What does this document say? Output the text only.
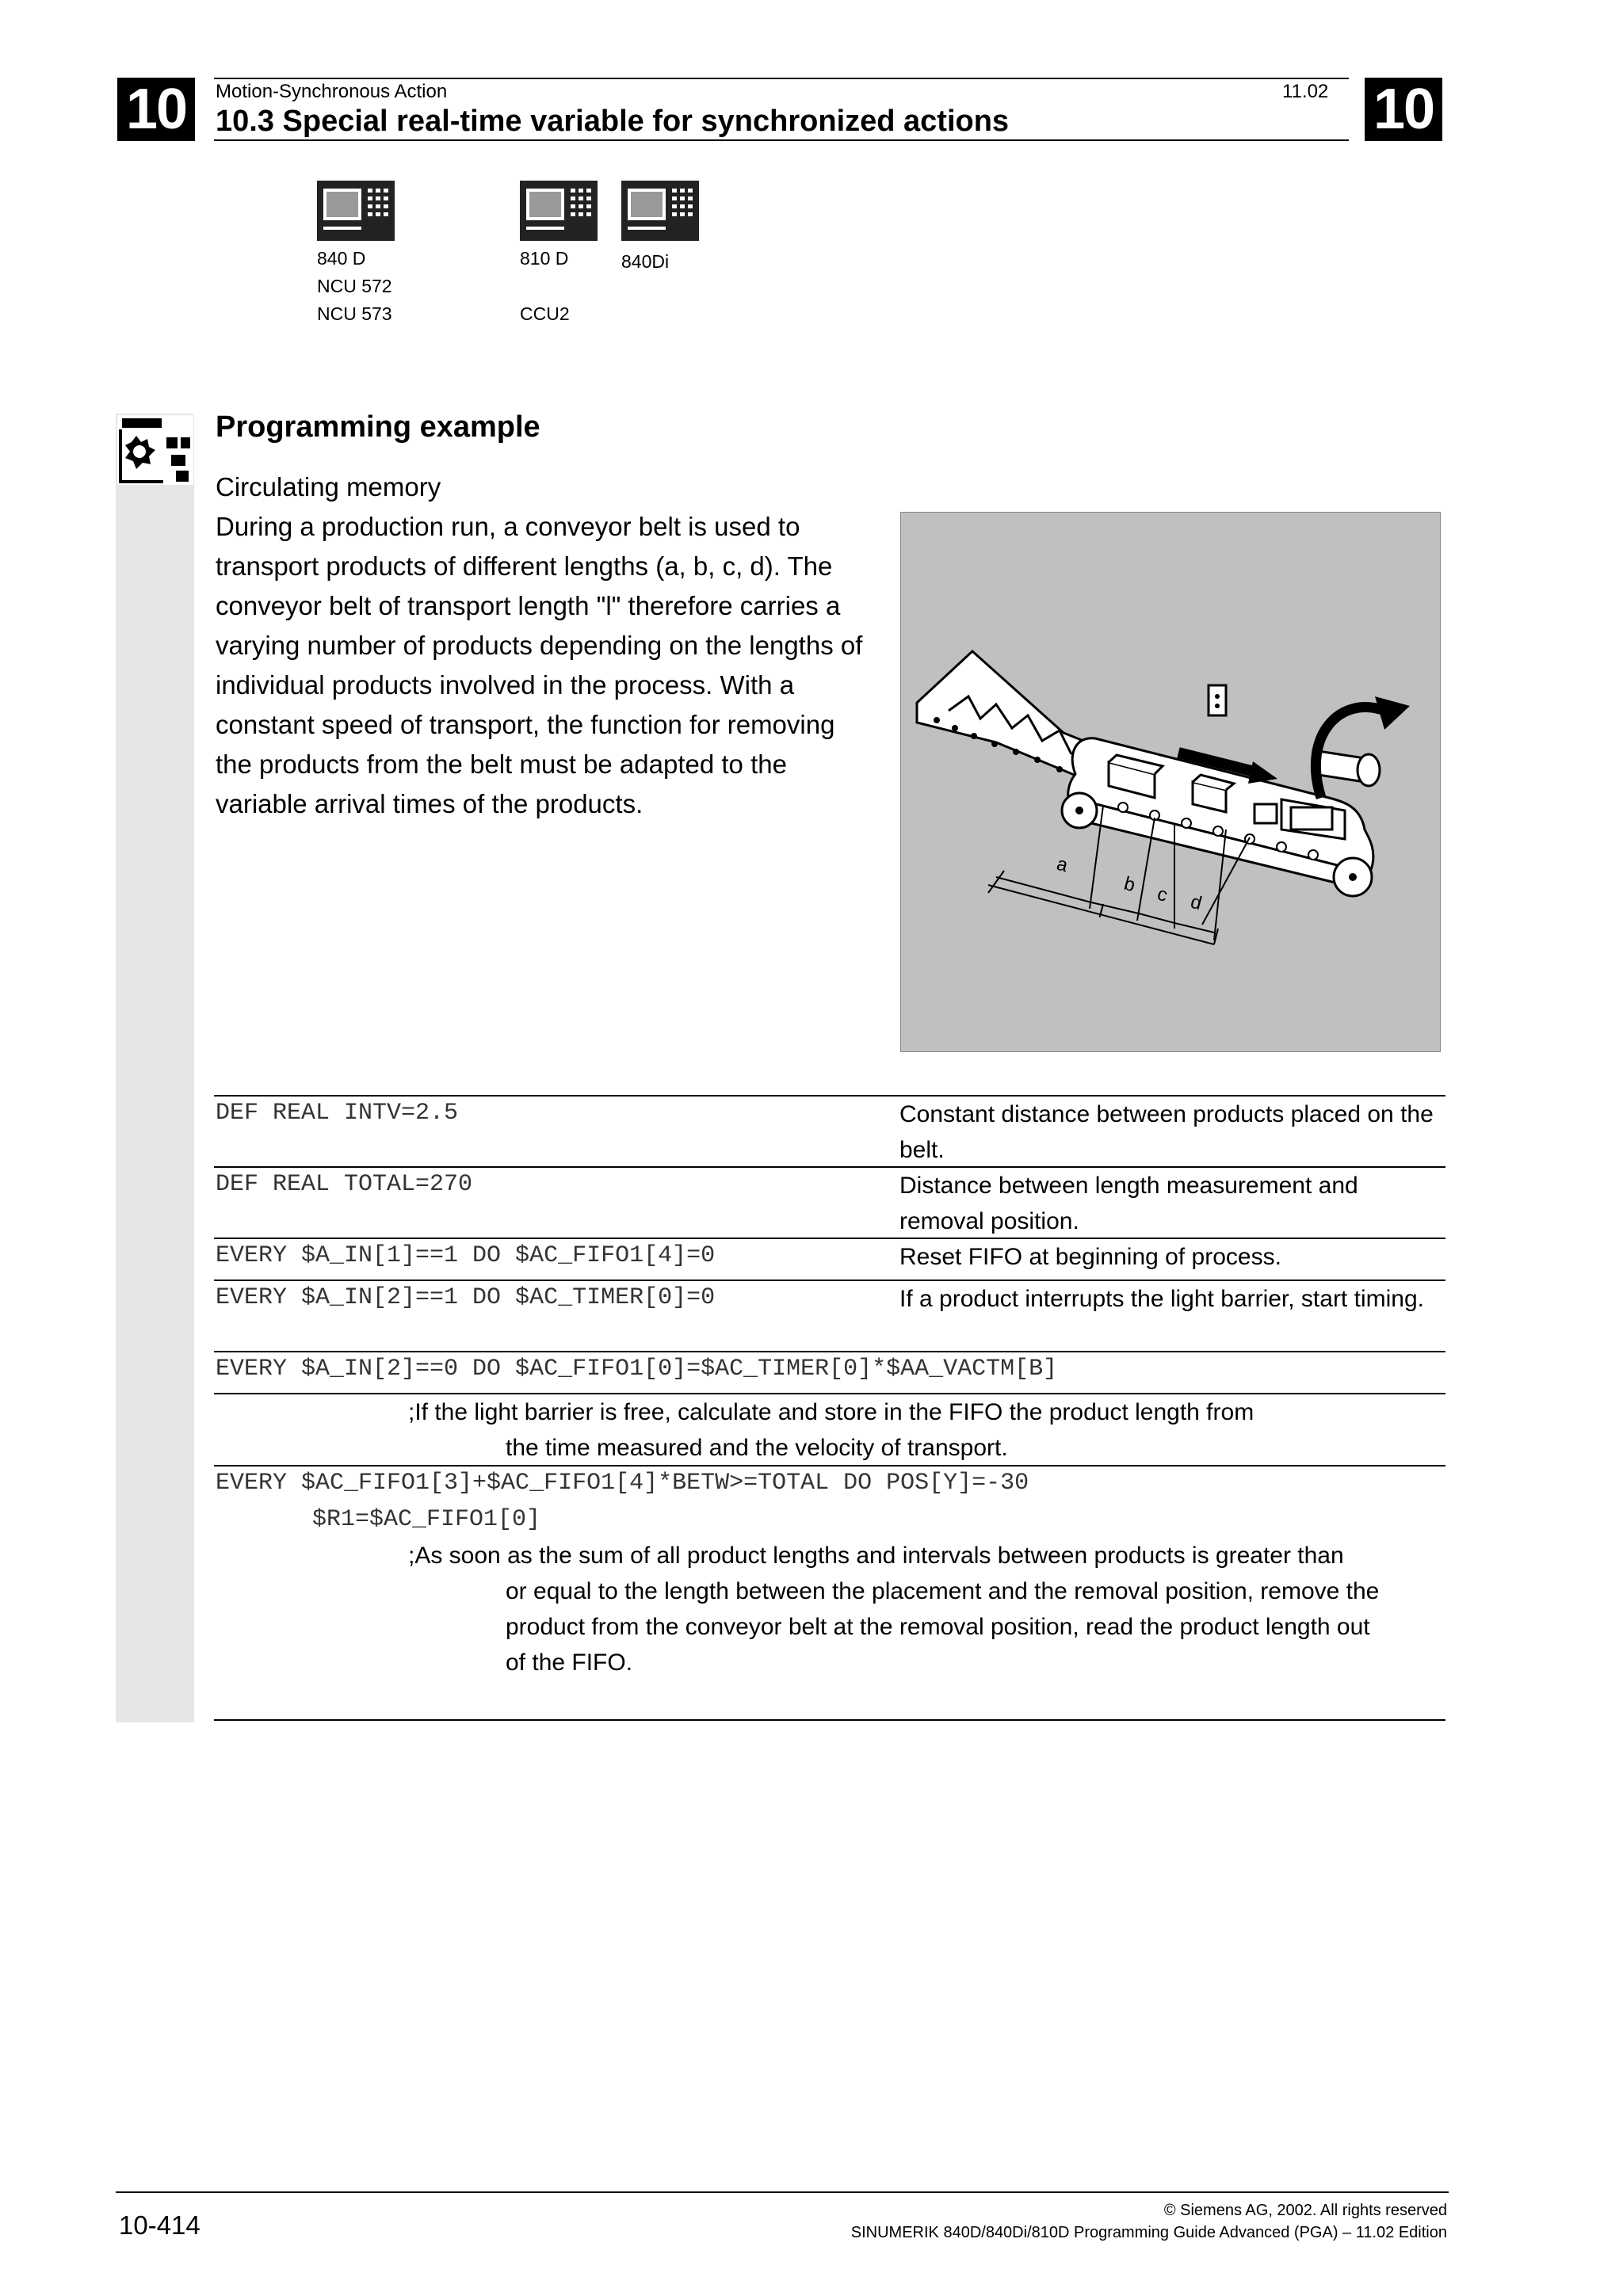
10	10
Motion-Synchronous Action	11.02
10.3 Special real-time variable for synchronized actions
840 D
NCU 572
NCU 573
810 D
CCU2
840Di
Programming example
Circulating memory
During a production run, a conveyor belt is used to transport products of different lengths (a, b, c, d). The conveyor belt of transport length "l" therefore carries a varying number of products depending on the lengths of individual products involved in the process. With a constant speed of transport, the function for removing the products from the belt must be adapted to the variable arrival times of the products.
a
b c d
l
DEF REAL INTV=2.5	Constant distance between products placed on the belt.
DEF REAL TOTAL=270	Distance between length measurement and removal position.
EVERY $A_IN[1]==1 DO $AC_FIFO1[4]=0	Reset FIFO at beginning of process.
EVERY $A_IN[2]==1 DO $AC_TIMER[0]=0	If a product interrupts the light barrier, start timing.
EVERY $A_IN[2]==0 DO $AC_FIFO1[0]=$AC_TIMER[0]*$AA_VACTM[B]
;If the light barrier is free, calculate and store in the FIFO the product length from
the time measured and the velocity of transport.
EVERY $AC_FIFO1[3]+$AC_FIFO1[4]*BETW>=TOTAL DO POS[Y]=-30
$R1=$AC_FIFO1[0]
;As soon as the sum of all product lengths and intervals between products is greater than
or equal to the length between the placement and the removal position, remove the product from the conveyor belt at the removal position, read the product length out of the FIFO.
10-414	© Siemens AG, 2002. All rights reserved
SINUMERIK 840D/840Di/810D Programming Guide Advanced (PGA) – 11.02 Edition
